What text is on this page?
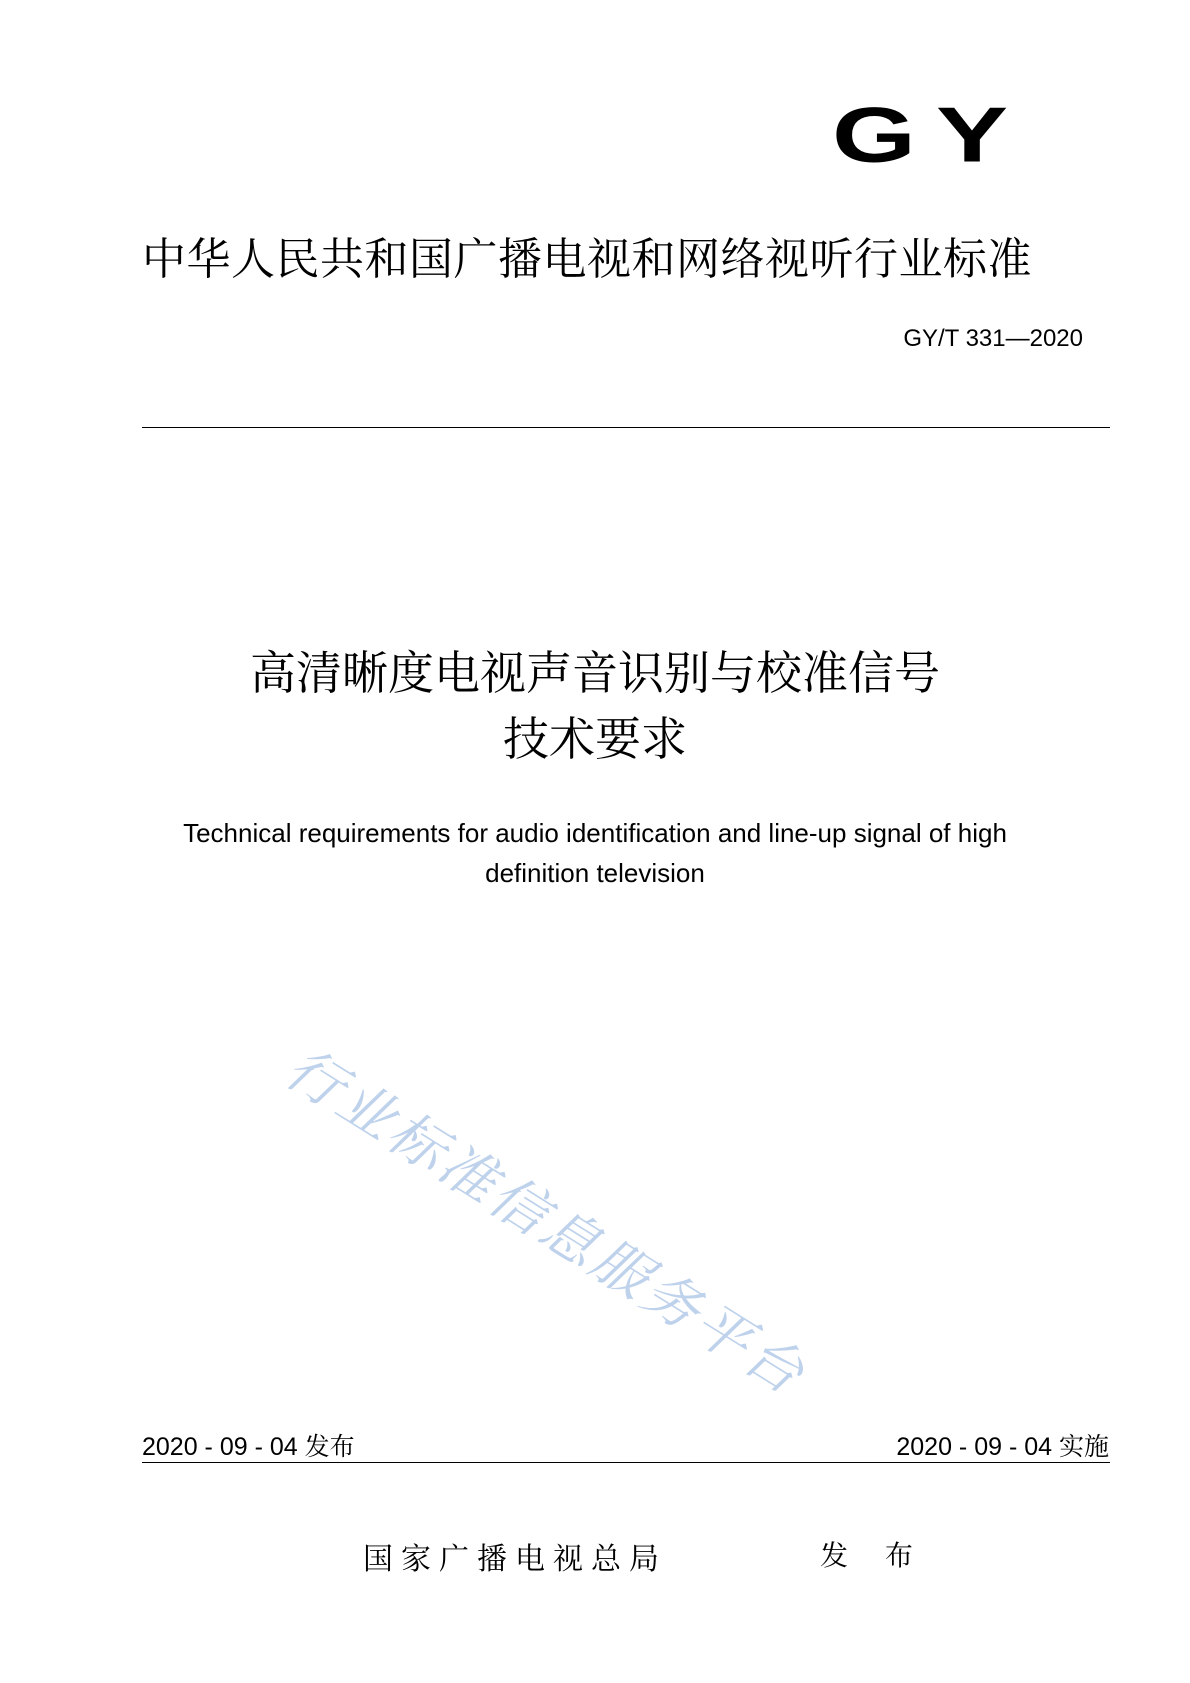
GY
中华人民共和国广播电视和网络视听行业标准
GY/T 331—2020
高清晰度电视声音识别与校准信号
技术要求
Technical requirements for audio identification and line-up signal of high
definition television
行业标准信息服务平台
2020 - 09 - 04 发布	2020 - 09 - 04 实施
国家广播电视总局	发 布
